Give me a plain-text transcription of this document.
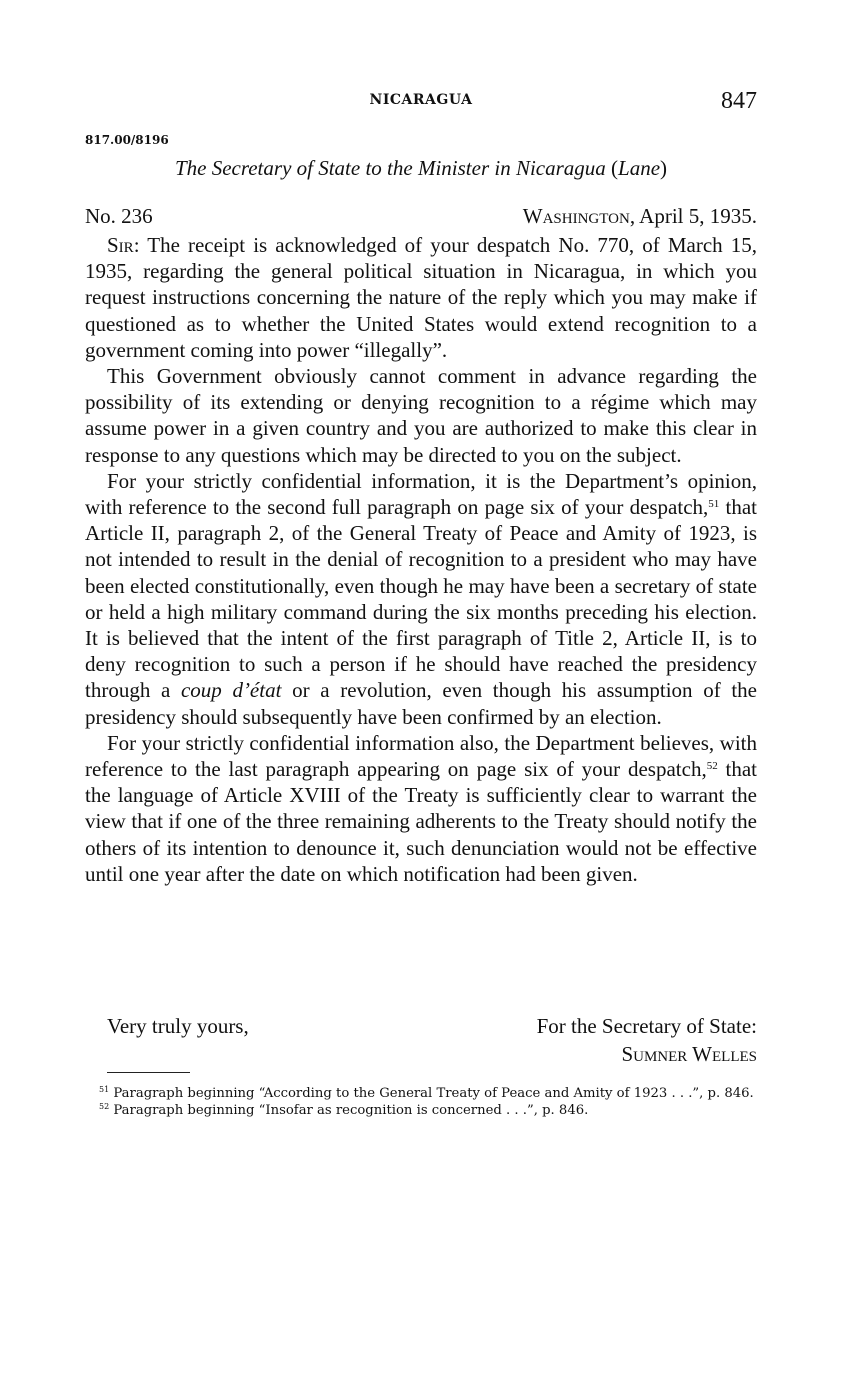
NICARAGUA	847
817.00/8196
The Secretary of State to the Minister in Nicaragua (Lane)
No. 236	Washington, April 5, 1935.

Sir: The receipt is acknowledged of your despatch No. 770, of March 15, 1935, regarding the general political situation in Nicaragua, in which you request instructions concerning the nature of the reply which you may make if questioned as to whether the United States would extend recognition to a government coming into power “illegally”.

This Government obviously cannot comment in advance regarding the possibility of its extending or denying recognition to a régime which may assume power in a given country and you are authorized to make this clear in response to any questions which may be directed to you on the subject.

For your strictly confidential information, it is the Department’s opinion, with reference to the second full paragraph on page six of your despatch,$^{51}$ that Article II, paragraph 2, of the General Treaty of Peace and Amity of 1923, is not intended to result in the denial of recognition to a president who may have been elected constitutionally, even though he may have been a secretary of state or held a high military command during the six months preceding his election. It is believed that the intent of the first paragraph of Title 2, Article II, is to deny recognition to such a person if he should have reached the presidency through a coup d’état or a revolution, even though his assumption of the presidency should subsequently have been confirmed by an election.

For your strictly confidential information also, the Department believes, with reference to the last paragraph appearing on page six of your despatch,$^{52}$ that the language of Article XVIII of the Treaty is sufficiently clear to warrant the view that if one of the three remaining adherents to the Treaty should notify the others of its intention to denounce it, such denunciation would not be effective until one year after the date on which notification had been given.

Very truly yours,	For the Secretary of State:
Sumner Welles

$^{51}$ Paragraph beginning “According to the General Treaty of Peace and Amity of 1923 . . .”, p. 846.

$^{52}$ Paragraph beginning “Insofar as recognition is concerned . . .”, p. 846.
